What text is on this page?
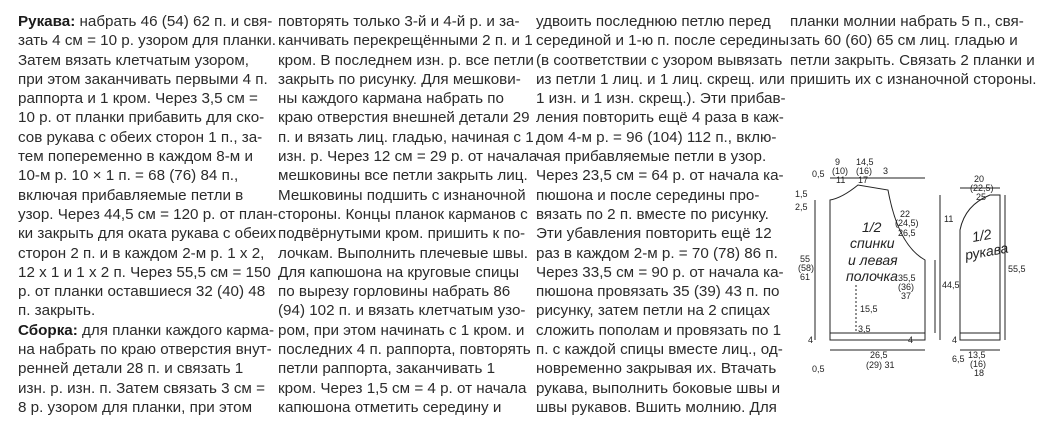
Рукава: набрать 46 (54) 62 п. и свя-

зать 4 см = 10 р. узором для планки.

Затем вязать клетчатым узором,

при этом заканчивать первыми 4 п.

раппорта и 1 кром. Через 3,5 см =

10 р. от планки прибавить для ско-

сов рукава с обеих сторон 1 п., за-

тем попеременно в каждом 8-м и

10-м р. 10 × 1 п. = 68 (76) 84 п.,

включая прибавляемые петли в

узор. Через 44,5 см = 120 р. от план-

ки закрыть для оката рукава с обеих

сторон 2 п. и в каждом 2-м р. 1 х 2,

12 х 1 и 1 х 2 п. Через 55,5 см = 150

р. от планки оставшиеся 32 (40) 48

п. закрыть.

Сборка: для планки каждого карма-

на набрать по краю отверстия внут-

ренней детали 28 п. и связать 1

изн. р. изн. п. Затем связать 3 см =

8 р. узором для планки, при этом

повторять только 3-й и 4-й р. и за-

канчивать перекрещёнными 2 п. и 1

кром. В последнем изн. р. все петли

закрыть по рисунку. Для мешкови-

ны каждого кармана набрать по

краю отверстия внешней детали 29

п. и вязать лиц. гладью, начиная с 1

изн. р. Через 12 см = 29 р. от начала

мешковины все петли закрыть лиц.

Мешковины подшить с изнаночной

стороны. Концы планок карманов с

подвёрнутыми кром. пришить к по-

лочкам. Выполнить плечевые швы.

Для капюшона на круговые спицы

по вырезу горловины набрать 86

(94) 102 п. и вязать клетчатым узо-

ром, при этом начинать с 1 кром. и

последних 4 п. раппорта, повторять

петли раппорта, заканчивать 1

кром. Через 1,5 см = 4 р. от начала

капюшона отметить середину и

удвоить последнюю петлю перед

серединой и 1-ю п. после середины

(в соответствии с узором вывязать

из петли 1 лиц. и 1 лиц. скрещ. или

1 изн. и 1 изн. скрещ.). Эти прибав-

ления повторить ещё 4 раза в каж-

дом 4-м р. = 96 (104) 112 п., вклю-

чая прибавляемые петли в узор.

Через 23,5 см = 64 р. от начала ка-

пюшона и после середины про-

вязать по 2 п. вместе по рисунку.

Эти убавления повторить ещё 12

раз в каждом 2-м р. = 70 (78) 86 п.

Через 33,5 см = 90 р. от начала ка-

пюшона провязать 35 (39) 43 п. по

рисунку, затем петли на 2 спицах

сложить пополам и провязать по 1

п. с каждой спицы вместе лиц., од-

новременно закрывая их. Втачать

рукава, выполнить боковые швы и

швы рукавов. Вшить молнию. Для

планки молнии набрать 5 п., свя-

зать 60 (60) 65 см лиц. гладью и

петли закрыть. Связать 2 планки и

пришить их с изнаночной стороны.

1/2
спинки
и левая
полочка
1/2
рукава
0,5
9
(10)
11
14,5
(16)
17
3
1,5
2,5
22
(24,5)
26,5
55
(58)
61	35,5
(36)
37
15,5
3,5
4	4
0,5
26,5
(29) 31
20
(22,5)
25
11
44,5
55,5
4
6,5 13,5
(16)
18
